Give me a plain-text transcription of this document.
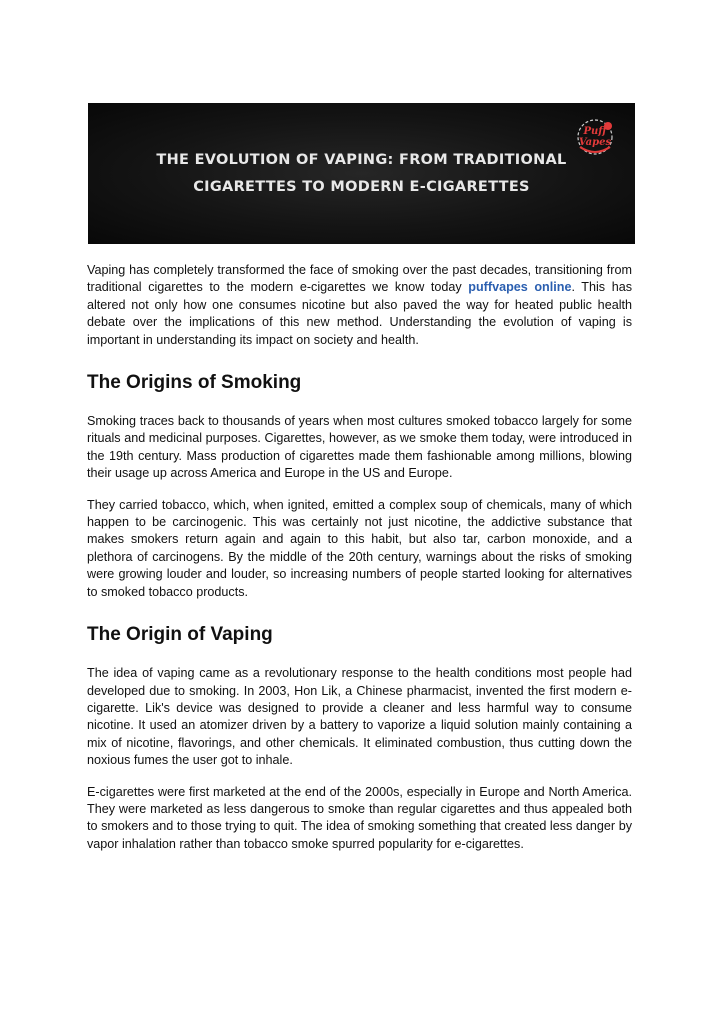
THE EVOLUTION OF VAPING: FROM TRADITIONAL
CIGARETTES TO MODERN E-CIGARETTES
Puff
Vapes

Vaping has completely transformed the face of smoking over the past decades, transitioning from traditional cigarettes to the modern e-cigarettes we know today puffvapes online. This has altered not only how one consumes nicotine but also paved the way for heated public health debate over the implications of this new method. Understanding the evolution of vaping is important in understanding its impact on society and health.

The Origins of Smoking

Smoking traces back to thousands of years when most cultures smoked tobacco largely for some rituals and medicinal purposes. Cigarettes, however, as we smoke them today, were introduced in the 19th century. Mass production of cigarettes made them fashionable among millions, blowing their usage up across America and Europe in the US and Europe.

They carried tobacco, which, when ignited, emitted a complex soup of chemicals, many of which happen to be carcinogenic. This was certainly not just nicotine, the addictive substance that makes smokers return again and again to this habit, but also tar, carbon monoxide, and a plethora of carcinogens. By the middle of the 20th century, warnings about the risks of smoking were growing louder and louder, so increasing numbers of people started looking for alternatives to smoked tobacco products.

The Origin of Vaping

The idea of vaping came as a revolutionary response to the health conditions most people had developed due to smoking. In 2003, Hon Lik, a Chinese pharmacist, invented the first modern e-cigarette. Lik's device was designed to provide a cleaner and less harmful way to consume nicotine. It used an atomizer driven by a battery to vaporize a liquid solution mainly containing a mix of nicotine, flavorings, and other chemicals. It eliminated combustion, thus cutting down the noxious fumes the user got to inhale.

E-cigarettes were first marketed at the end of the 2000s, especially in Europe and North America. They were marketed as less dangerous to smoke than regular cigarettes and thus appealed both to smokers and to those trying to quit. The idea of smoking something that created less danger by vapor inhalation rather than tobacco smoke spurred popularity for e-cigarettes.
